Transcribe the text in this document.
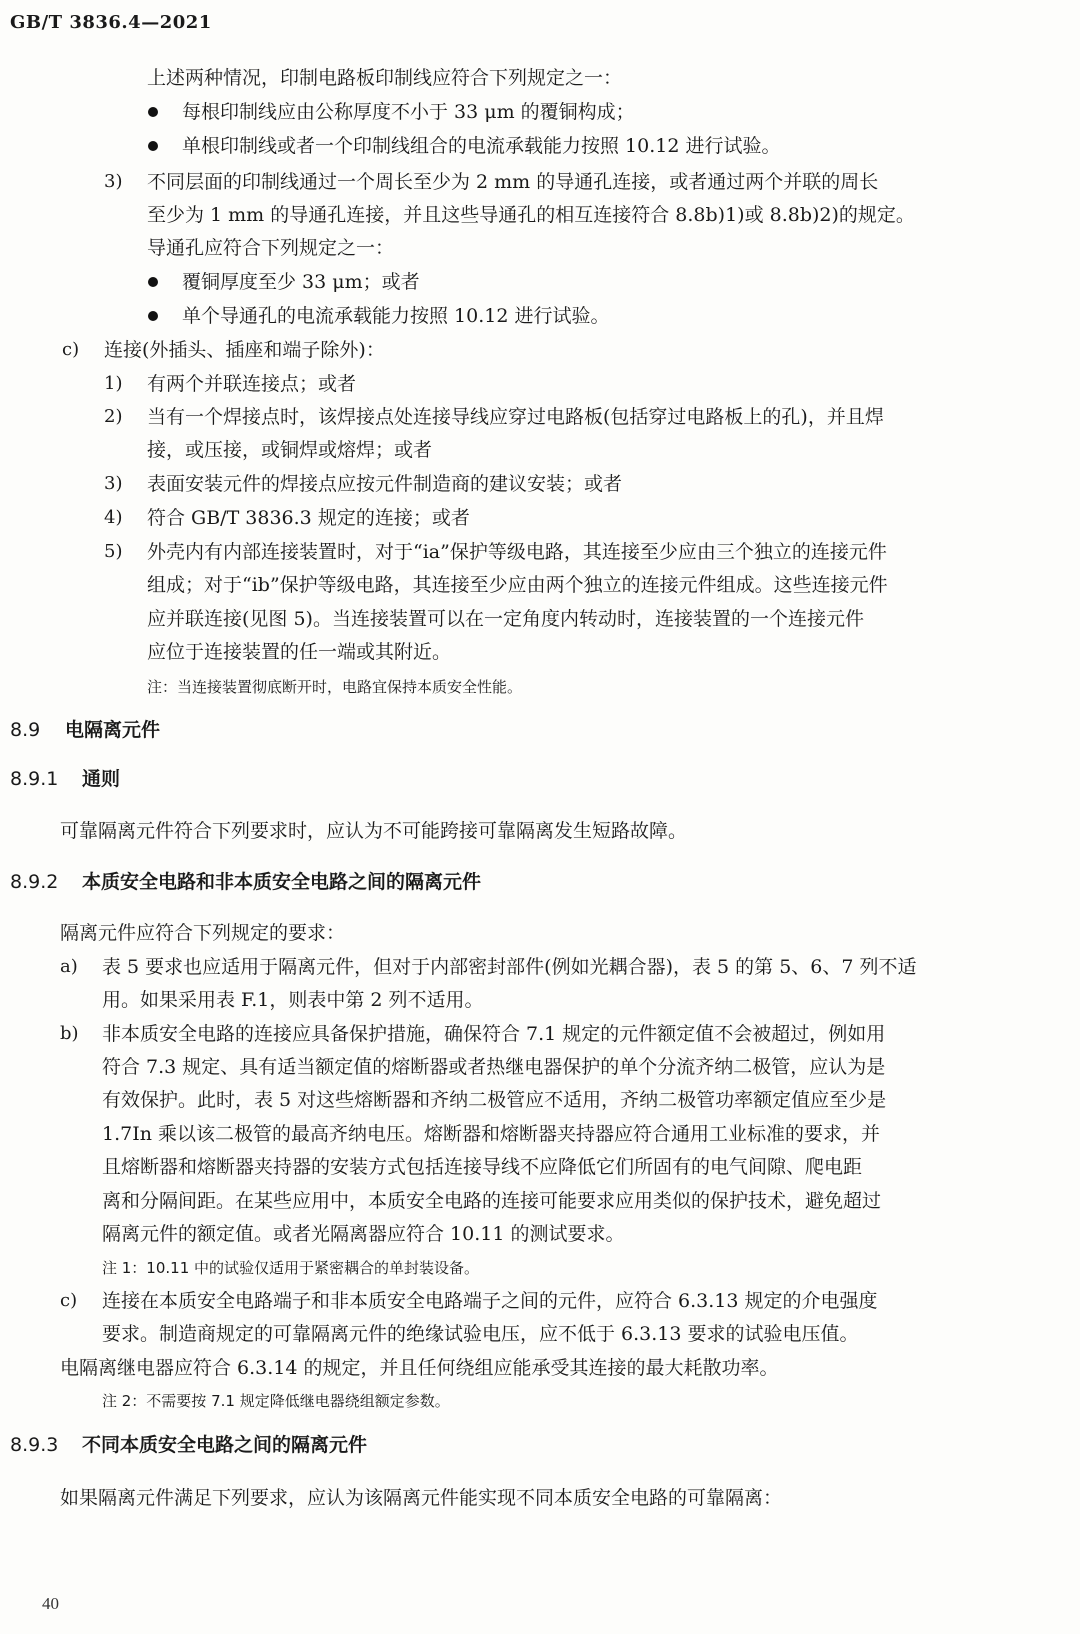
GB/T 3836.4—2021
上述两种情况，印制电路板印制线应符合下列规定之一：
每根印制线应由公称厚度不小于 33 μm 的覆铜构成；
单根印制线或者一个印制线组合的电流承载能力按照 10.12 进行试验。
3) 不同层面的印制线通过一个周长至少为 2 mm 的导通孔连接，或者通过两个并联的周长
至少为 1 mm 的导通孔连接，并且这些导通孔的相互连接符合 8.8b)1)或 8.8b)2)的规定。
导通孔应符合下列规定之一：
覆铜厚度至少 33 μm；或者
单个导通孔的电流承载能力按照 10.12 进行试验。
c) 连接(外插头、插座和端子除外)：
1) 有两个并联连接点；或者
2) 当有一个焊接点时，该焊接点处连接导线应穿过电路板(包括穿过电路板上的孔)，并且焊
接，或压接，或铜焊或熔焊；或者
3) 表面安装元件的焊接点应按元件制造商的建议安装；或者
4) 符合 GB/T 3836.3 规定的连接；或者
5) 外壳内有内部连接装置时，对于“ia”保护等级电路，其连接至少应由三个独立的连接元件
组成；对于“ib”保护等级电路，其连接至少应由两个独立的连接元件组成。这些连接元件
应并联连接(见图 5)。当连接装置可以在一定角度内转动时，连接装置的一个连接元件
应位于连接装置的任一端或其附近。
注：当连接装置彻底断开时，电路宜保持本质安全性能。
8.9 电隔离元件
8.9.1 通则
可靠隔离元件符合下列要求时，应认为不可能跨接可靠隔离发生短路故障。
8.9.2 本质安全电路和非本质安全电路之间的隔离元件
隔离元件应符合下列规定的要求：
a) 表 5 要求也应适用于隔离元件，但对于内部密封部件(例如光耦合器)，表 5 的第 5、6、7 列不适
用。如果采用表 F.1，则表中第 2 列不适用。
b) 非本质安全电路的连接应具备保护措施，确保符合 7.1 规定的元件额定值不会被超过，例如用
符合 7.3 规定、具有适当额定值的熔断器或者热继电器保护的单个分流齐纳二极管，应认为是
有效保护。此时，表 5 对这些熔断器和齐纳二极管应不适用，齐纳二极管功率额定值应至少是
1.7In 乘以该二极管的最高齐纳电压。熔断器和熔断器夹持器应符合通用工业标准的要求，并
且熔断器和熔断器夹持器的安装方式包括连接导线不应降低它们所固有的电气间隙、爬电距
离和分隔间距。在某些应用中，本质安全电路的连接可能要求应用类似的保护技术，避免超过
隔离元件的额定值。或者光隔离器应符合 10.11 的测试要求。
注 1：10.11 中的试验仅适用于紧密耦合的单封装设备。
c) 连接在本质安全电路端子和非本质安全电路端子之间的元件，应符合 6.3.13 规定的介电强度
要求。制造商规定的可靠隔离元件的绝缘试验电压，应不低于 6.3.13 要求的试验电压值。
电隔离继电器应符合 6.3.14 的规定，并且任何绕组应能承受其连接的最大耗散功率。
注 2：不需要按 7.1 规定降低继电器绕组额定参数。
8.9.3 不同本质安全电路之间的隔离元件
如果隔离元件满足下列要求，应认为该隔离元件能实现不同本质安全电路的可靠隔离：
40
